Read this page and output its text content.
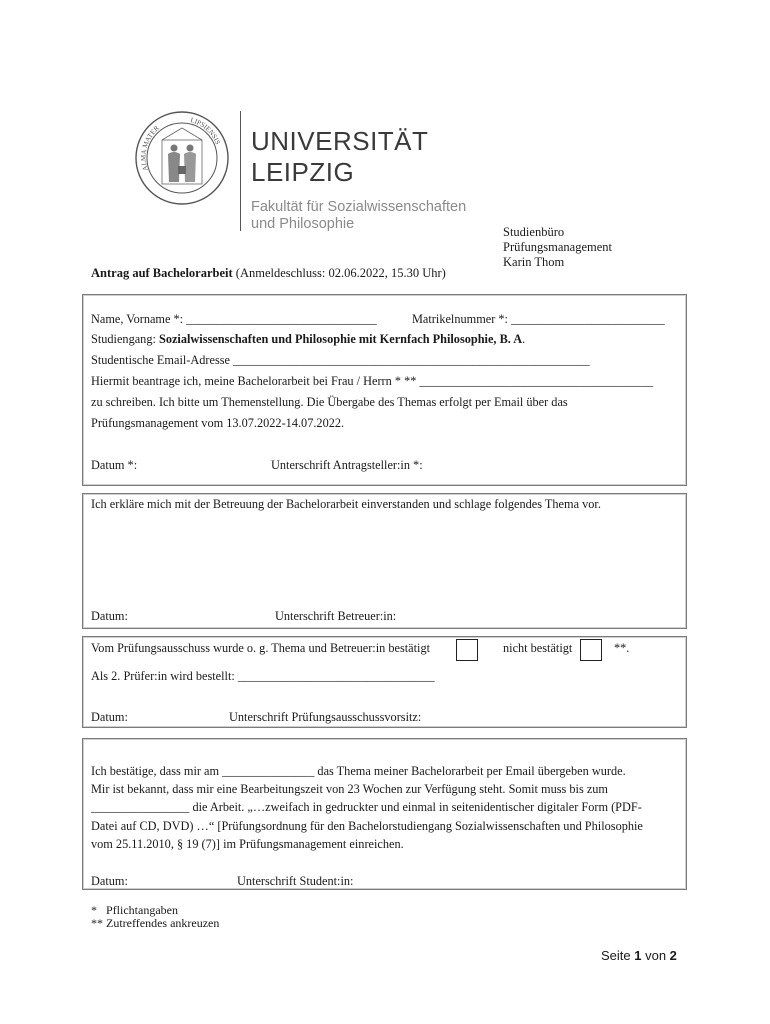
ALMA MATER
LIPSIENSIS UNIVERSITÄT
LEIPZIG
Fakultät für Sozialwissenschaften
und Philosophie	Studienbüro
Prüfungsmanagement
Karin Thom
Antrag auf Bachelorarbeit (Anmeldeschluss: 02.06.2022, 15.30 Uhr)
Name, Vorname *: _______________________________	Matrikelnummer *: _________________________
Studiengang: Sozialwissenschaften und Philosophie mit Kernfach Philosophie, B. A.
Studentische Email-Adresse __________________________________________________________
Hiermit beantrage ich, meine Bachelorarbeit bei Frau / Herrn * ** ______________________________________
zu schreiben. Ich bitte um Themenstellung. Die Übergabe des Themas erfolgt per Email über das
Prüfungsmanagement vom 13.07.2022-14.07.2022.
Datum *:	Unterschrift Antragsteller:in *:
Ich erkläre mich mit der Betreuung der Bachelorarbeit einverstanden und schlage folgendes Thema vor.
Datum:	Unterschrift Betreuer:in:
Vom Prüfungsausschuss wurde o. g. Thema und Betreuer:in bestätigt	nicht bestätigt	**.
Als 2. Prüfer:in wird bestellt: ________________________________
Datum:	Unterschrift Prüfungsausschussvorsitz:
Ich bestätige, dass mir am _______________ das Thema meiner Bachelorarbeit per Email übergeben wurde.
Mir ist bekannt, dass mir eine Bearbeitungszeit von 23 Wochen zur Verfügung steht. Somit muss bis zum
________________ die Arbeit. „…zweifach in gedruckter und einmal in seitenidentischer digitaler Form (PDF-
Datei auf CD, DVD) …“ [Prüfungsordnung für den Bachelorstudiengang Sozialwissenschaften und Philosophie
vom 25.11.2010, § 19 (7)] im Prüfungsmanagement einreichen.
Datum:	Unterschrift Student:in:
*   Pflichtangaben
** Zutreffendes ankreuzen
Seite 1 von 2
